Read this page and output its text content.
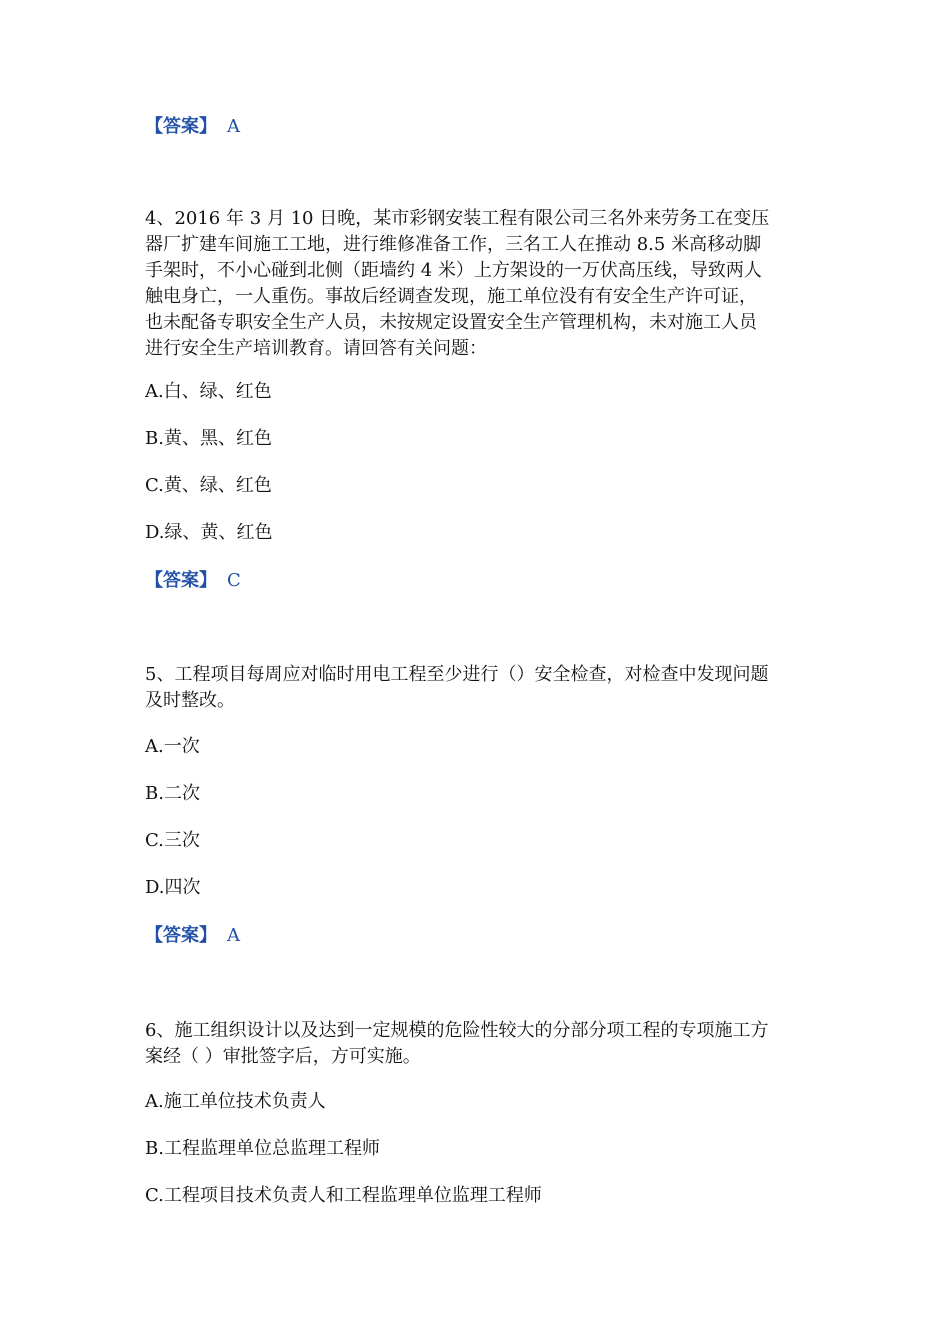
【答案】 A
4、2016 年 3 月 10 日晚，某市彩钢安装工程有限公司三名外来劳务工在变压
器厂扩建车间施工工地，进行维修准备工作，三名工人在推动 8.5 米高移动脚
手架时，不小心碰到北侧（距墙约 4 米）上方架设的一万伏高压线，导致两人
触电身亡，一人重伤。事故后经调查发现，施工单位没有有安全生产许可证，
也未配备专职安全生产人员，未按规定设置安全生产管理机构，未对施工人员
进行安全生产培训教育。请回答有关问题：
A.白、绿、红色
B.黄、黑、红色
C.黄、绿、红色
D.绿、黄、红色
【答案】 C
5、工程项目每周应对临时用电工程至少进行（）安全检查，对检查中发现问题
及时整改。
A.一次
B.二次
C.三次
D.四次
【答案】 A
6、施工组织设计以及达到一定规模的危险性较大的分部分项工程的专项施工方
案经（ ）审批签字后，方可实施。
A.施工单位技术负责人
B.工程监理单位总监理工程师
C.工程项目技术负责人和工程监理单位监理工程师
